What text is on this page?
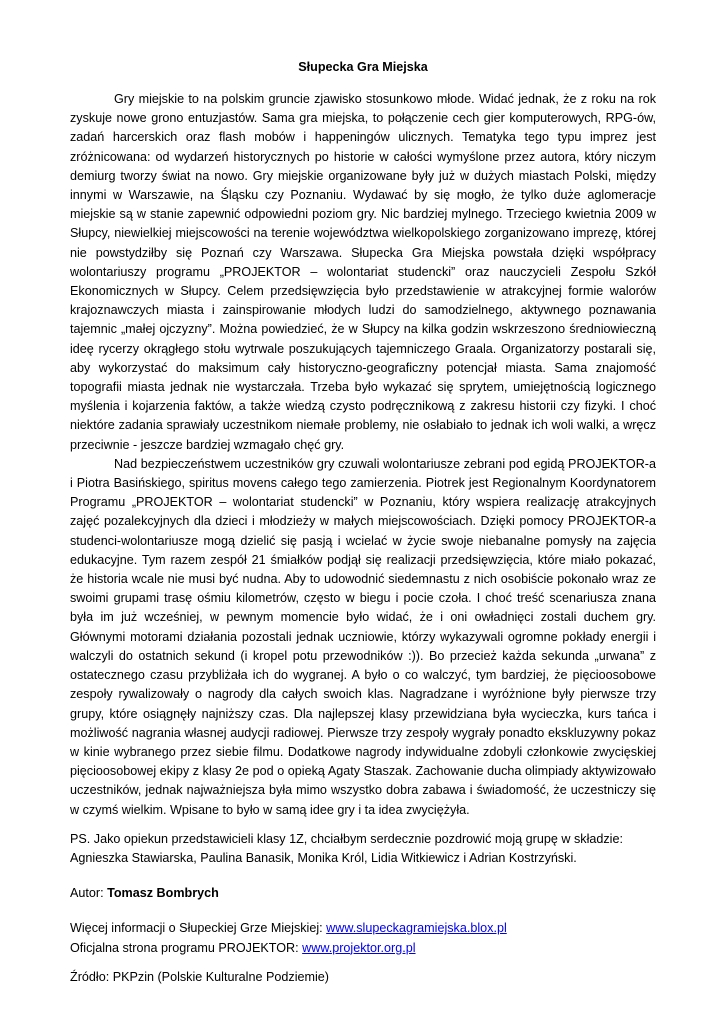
Słupecka Gra Miejska

Gry miejskie to na polskim gruncie zjawisko stosunkowo młode. Widać jednak, że z roku na rok zyskuje nowe grono entuzjastów. Sama gra miejska, to połączenie cech gier komputerowych, RPG-ów, zadań harcerskich oraz flash mobów i happeningów ulicznych. Tematyka tego typu imprez jest zróżnicowana: od wydarzeń historycznych po historie w całości wymyślone przez autora, który niczym demiurg tworzy świat na nowo. Gry miejskie organizowane były już w dużych miastach Polski, między innymi w Warszawie, na Śląsku czy Poznaniu. Wydawać by się mogło, że tylko duże aglomeracje miejskie są w stanie zapewnić odpowiedni poziom gry. Nic bardziej mylnego. Trzeciego kwietnia 2009 w Słupcy, niewielkiej miejscowości na terenie województwa wielkopolskiego zorganizowano imprezę, której nie powstydziłby się Poznań czy Warszawa. Słupecka Gra Miejska powstała dzięki współpracy wolontariuszy programu „PROJEKTOR – wolontariat studencki” oraz nauczycieli Zespołu Szkół Ekonomicznych w Słupcy. Celem przedsięwzięcia było przedstawienie w atrakcyjnej formie walorów krajoznawczych miasta i zainspirowanie młodych ludzi do samodzielnego, aktywnego poznawania tajemnic „małej ojczyzny”. Można powiedzieć, że w Słupcy na kilka godzin wskrzeszono średniowieczną ideę rycerzy okrągłego stołu wytrwale poszukujących tajemniczego Graala. Organizatorzy postarali się, aby wykorzystać do maksimum cały historyczno-geograficzny potencjał miasta. Sama znajomość topografii miasta jednak nie wystarczała. Trzeba było wykazać się sprytem, umiejętnością logicznego myślenia i kojarzenia faktów, a także wiedzą czysto podręcznikową z zakresu historii czy fizyki. I choć niektóre zadania sprawiały uczestnikom niemałe problemy, nie osłabiało to jednak ich woli walki, a wręcz przeciwnie - jeszcze bardziej wzmagało chęć gry.

Nad bezpieczeństwem uczestników gry czuwali wolontariusze zebrani pod egidą PROJEKTOR-a i Piotra Basińskiego, spiritus movens całego tego zamierzenia. Piotrek jest Regionalnym Koordynatorem Programu „PROJEKTOR – wolontariat studencki” w Poznaniu, który wspiera realizację atrakcyjnych zajęć pozalekcyjnych dla dzieci i młodzieży w małych miejscowościach. Dzięki pomocy PROJEKTOR-a studenci-wolontariusze mogą dzielić się pasją i wcielać w życie swoje niebanalne pomysły na zajęcia edukacyjne. Tym razem zespół 21 śmiałków podjął się realizacji przedsięwzięcia, które miało pokazać, że historia wcale nie musi być nudna. Aby to udowodnić siedemnastu z nich osobiście pokonało wraz ze swoimi grupami trasę ośmiu kilometrów, często w biegu i pocie czoła. I choć treść scenariusza znana była im już wcześniej, w pewnym momencie było widać, że i oni owładnięci zostali duchem gry. Głównymi motorami działania pozostali jednak uczniowie, którzy wykazywali ogromne pokłady energii i walczyli do ostatnich sekund (i kropel potu przewodników :)). Bo przecież każda sekunda „urwana” z ostatecznego czasu przybliżała ich do wygranej. A było o co walczyć, tym bardziej, że pięcioosobowe zespoły rywalizowały o nagrody dla całych swoich klas. Nagradzane i wyróżnione były pierwsze trzy grupy, które osiągnęły najniższy czas. Dla najlepszej klasy przewidziana była wycieczka, kurs tańca i możliwość nagrania własnej audycji radiowej. Pierwsze trzy zespoły wygrały ponadto ekskluzywny pokaz w kinie wybranego przez siebie filmu. Dodatkowe nagrody indywidualne zdobyli członkowie zwycięskiej pięcioosobowej ekipy z klasy 2e pod o opieką Agaty Staszak. Zachowanie ducha olimpiady aktywizowało uczestników, jednak najważniejsza była mimo wszystko dobra zabawa i świadomość, że uczestniczy się w czymś wielkim. Wpisane to było w samą idee gry i ta idea zwyciężyła.

PS. Jako opiekun przedstawicieli klasy 1Z, chciałbym serdecznie pozdrowić moją grupę w składzie: Agnieszka Stawiarska, Paulina Banasik, Monika Król, Lidia Witkiewicz i Adrian Kostrzyński.

Autor: Tomasz Bombrych

Więcej informacji o Słupeckiej Grze Miejskiej: www.slupeckagramiejska.blox.pl

Oficjalna strona programu PROJEKTOR: www.projektor.org.pl

Źródło: PKPzin (Polskie Kulturalne Podziemie)
